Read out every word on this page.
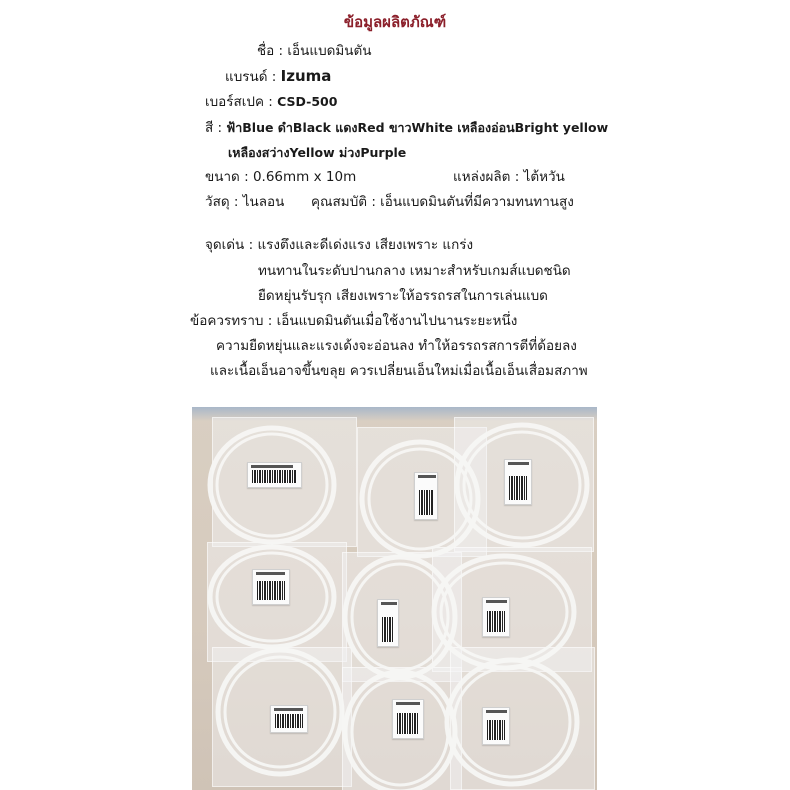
ข้อมูลผลิตภัณฑ์
ชื่อ : เอ็นแบดมินตัน
แบรนด์ : Izuma
เบอร์สเปค : CSD-500
สี : ฟ้าBlue ดำBlack แดงRed ขาวWhite เหลืองอ่อนBright yellow
เหลืองสว่างYellow ม่วงPurple
ขนาด : 0.66mm x 10m	แหล่งผลิต : ไต้หวัน
วัสดุ : ไนลอน คุณสมบัติ : เอ็นแบดมินตันที่มีความทนทานสูง
จุดเด่น : แรงตึงและดีเด่งแรง เสียงเพราะ แกร่ง
ทนทานในระดับปานกลาง เหมาะสำหรับเกมส์แบดชนิด
ยืดหยุ่นรับรุก เสียงเพราะให้อรรถรสในการเล่นแบด
ข้อควรทราบ : เอ็นแบดมินตันเมื่อใช้งานไปนานระยะหนึ่ง
ความยืดหยุ่นและแรงเด้งจะอ่อนลง ทำให้อรรถรสการตีที่ด้อยลง
และเนื้อเอ็นอาจขึ้นขลุย ควรเปลี่ยนเอ็นใหม่เมื่อเนื้อเอ็นเสื่อมสภาพ
